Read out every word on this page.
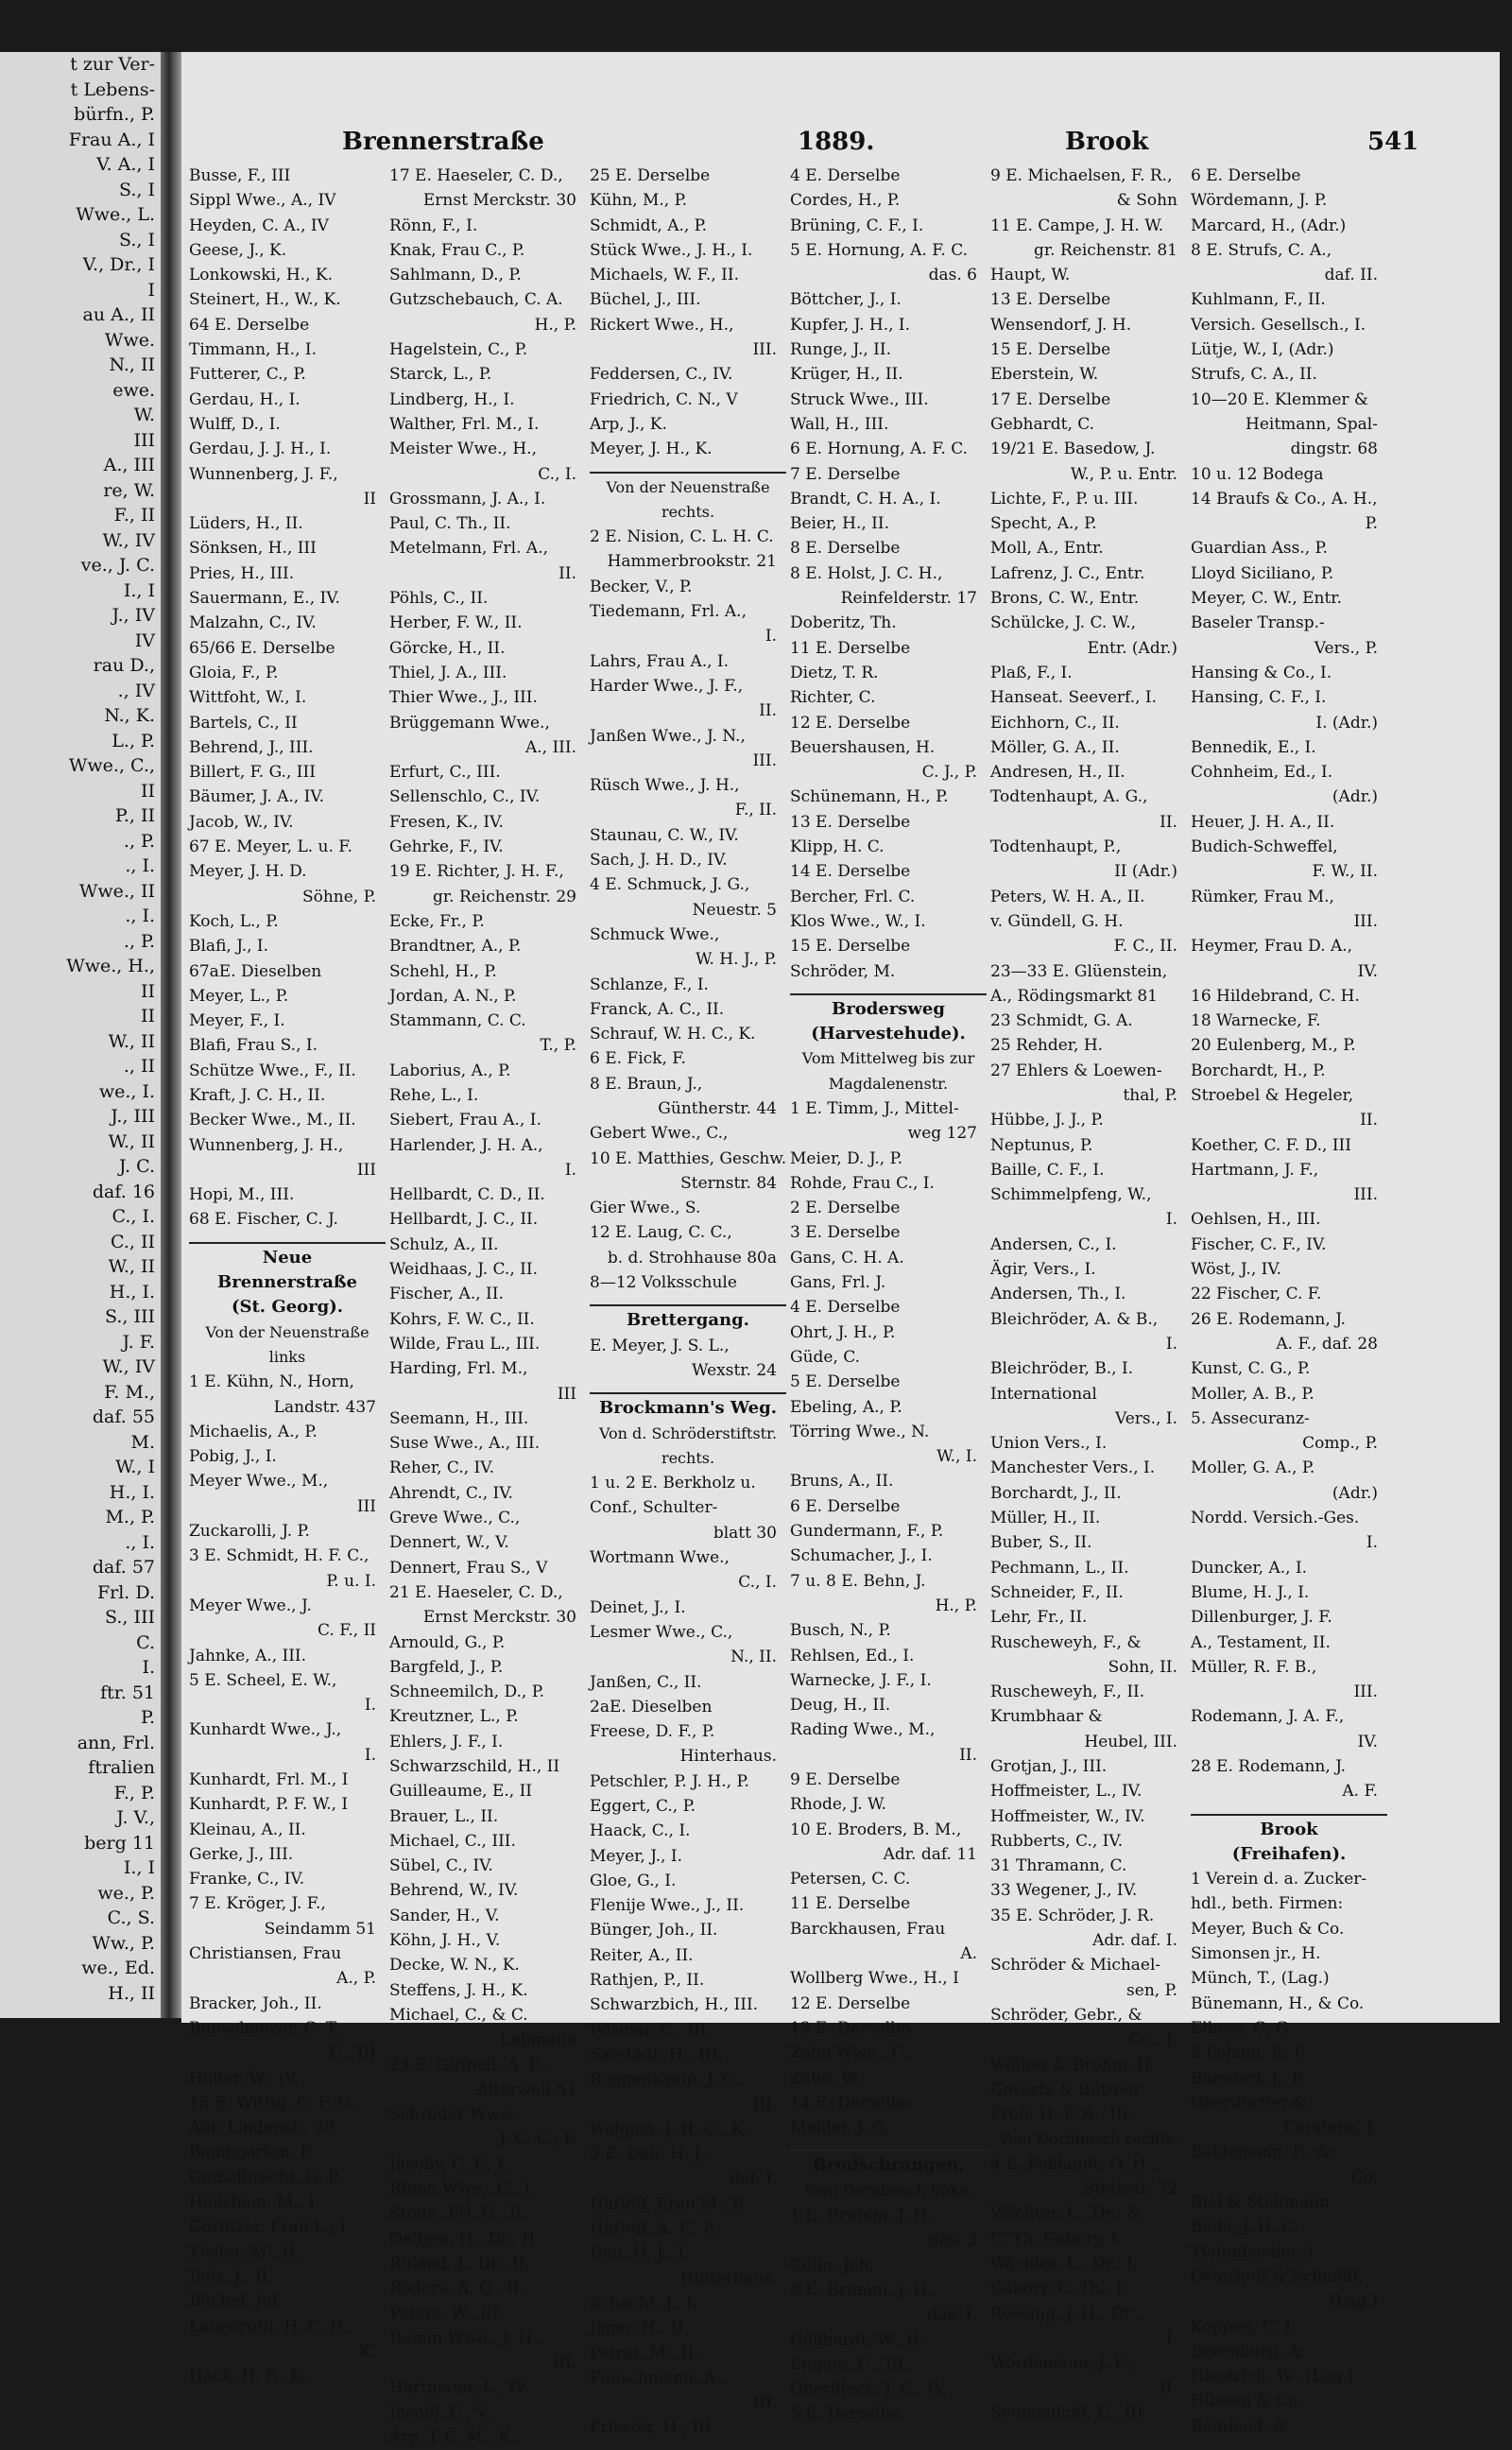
t zur Ver-
t Lebens-
bürfn., P.
Frau A., I
V. A., I
S., I
Wwe., L.
S., I
V., Dr., I
I
au A., II
Wwe.
N., II
ewe.
W.
III
A., III
re, W.
F., II
W., IV
ve., J. C.
I., I
J., IV
IV
rau D.,
., IV
N., K.
L., P.
Wwe., C.,
II
P., II
., P.
., I.
Wwe., II
., I.
., P.
Wwe., H.,
II
II
W., II
., II
we., I.
J., III
W., II
J. C.
daf. 16
C., I.
C., II
W., II
H., I.
S., III
J. F.
W., IV
F. M.,
daf. 55
M.
W., I
H., I.
M., P.
., I.
daf. 57
Frl. D.
S., III
C.
I.
ftr. 51
P.
ann, Frl.
ftralien
F., P.
J. V.,
berg 11
I., I
we., P.
C., S.
Ww., P.
we., Ed.
H., II
Brennerstraße	1889.	Brook	541
Busse, F., III
Sippl Wwe., A., IV
Heyden, C. A., IV
Geese, J., K.
Lonkowski, H., K.
Steinert, H., W., K.
64 E. Derselbe
Timmann, H., I.
Futterer, C., P.
Gerdau, H., I.
Wulff, D., I.
Gerdau, J. J. H., I.
Wunnenberg, J. F.,
II
Lüders, H., II.
Sönksen, H., III
Pries, H., III.
Sauermann, E., IV.
Malzahn, C., IV.
65/66 E. Derselbe
Gloia, F., P.
Wittfoht, W., I.
Bartels, C., II
Behrend, J., III.
Billert, F. G., III
Bäumer, J. A., IV.
Jacob, W., IV.
67 E. Meyer, L. u. F.
Meyer, J. H. D.
Söhne, P.
Koch, L., P.
Blafi, J., I.
67aE. Dieselben
Meyer, L., P.
Meyer, F., I.
Blafi, Frau S., I.
Schütze Wwe., F., II.
Kraft, J. C. H., II.
Becker Wwe., M., II.
Wunnenberg, J. H.,
III
Hopi, M., III.
68 E. Fischer, C. J.
Neue
Brennerstraße
(St. Georg).
Von der Neuenstraße
links
1 E. Kühn, N., Horn,
Landstr. 437
Michaelis, A., P.
Pobig, J., I.
Meyer Wwe., M.,
III
Zuckarolli, J. P.
3 E. Schmidt, H. F. C.,
P. u. I.
Meyer Wwe., J.
C. F., II
Jahnke, A., III.
5 E. Scheel, E. W.,
I.
Kunhardt Wwe., J.,
I.
Kunhardt, Frl. M., I
Kunhardt, P. F. W., I
Kleinau, A., II.
Gerke, J., III.
Franke, C., IV.
7 E. Kröger, J. F.,
Seindamm 51
Christiansen, Frau
A., P.
Bracker, Joh., II.
Bunselmeyer, C. T.
C., III
Helfer, W., IV.
15 E. Wittig, C. F. G.
Adr. Lindenstr. 20
Baumgarten, F.
Geißelbrecht, G. P.
Haushom, M., I
Görlitzer, Frau L., I.
Köster, M., II.
Bolz, J., II.
Büchel, Jul.
Lauenroth, H. C. D.,
K.
Hack, H. F., K.
17 E. Haeseler, C. D.,
Ernst Merckstr. 30
Rönn, F., I.
Knak, Frau C., P.
Sahlmann, D., P.
Gutzschebauch, C. A.
H., P.
Hagelstein, C., P.
Starck, L., P.
Lindberg, H., I.
Walther, Frl. M., I.
Meister Wwe., H.,
C., I.
Grossmann, J. A., I.
Paul, C. Th., II.
Metelmann, Frl. A.,
II.
Pöhls, C., II.
Herber, F. W., II.
Görcke, H., II.
Thiel, J. A., III.
Thier Wwe., J., III.
Brüggemann Wwe.,
A., III.
Erfurt, C., III.
Sellenschlo, C., IV.
Fresen, K., IV.
Gehrke, F., IV.
19 E. Richter, J. H. F.,
gr. Reichenstr. 29
Ecke, Fr., P.
Brandtner, A., P.
Schehl, H., P.
Jordan, A. N., P.
Stammann, C. C.
T., P.
Laborius, A., P.
Rehe, L., I.
Siebert, Frau A., I.
Harlender, J. H. A.,
I.
Hellbardt, C. D., II.
Hellbardt, J. C., II.
Schulz, A., II.
Weidhaas, J. C., II.
Fischer, A., II.
Kohrs, F. W. C., II.
Wilde, Frau L., III.
Harding, Frl. M.,
III
Seemann, H., III.
Suse Wwe., A., III.
Reher, C., IV.
Ahrendt, C., IV.
Greve Wwe., C.,
Dennert, W., V.
Dennert, Frau S., V
21 E. Haeseler, C. D.,
Ernst Merckstr. 30
Arnould, G., P.
Bargfeld, J., P.
Schneemilch, D., P.
Kreutzner, L., P.
Ehlers, J. F., I.
Schwarzschild, H., II
Guilleaume, E., II
Brauer, L., II.
Michael, C., III.
Sübel, C., IV.
Behrend, W., IV.
Sander, H., V.
Köhn, J. H., V.
Decke, W. N., K.
Steffens, J. H., K.
Michael, C., & C.
Lehmann
23 E. Gutheil, A. F.,
Alterwall 51
Schröder Wwe.,
J. C. C., P.
Jacoby, C. F., I.
Rinne Wwe., C., I.
Stolte, Frl. C., II.
Oeltjen, H., Dr., II.
Ruland, J., Dr., II.
Röders, A. G., II.
Peters, W., III.
Demin Wwe., J. H.,
III.
Hartmann, L., IV.
Jacobi, C., V.
Arp, J. C. M., K.
25 E. Derselbe
Kühn, M., P.
Schmidt, A., P.
Stück Wwe., J. H., I.
Michaels, W. F., II.
Büchel, J., III.
Rickert Wwe., H.,
III.
Feddersen, C., IV.
Friedrich, C. N., V
Arp, J., K.
Meyer, J. H., K.
Von der Neuenstraße
rechts.
2 E. Nision, C. L. H. C.
Hammerbrookstr. 21
Becker, V., P.
Tiedemann, Frl. A.,
I.
Lahrs, Frau A., I.
Harder Wwe., J. F.,
II.
Janßen Wwe., J. N.,
III.
Rüsch Wwe., J. H.,
F., II.
Staunau, C. W., IV.
Sach, J. H. D., IV.
4 E. Schmuck, J. G.,
Neuestr. 5
Schmuck Wwe.,
W. H. J., P.
Schlanze, F., I.
Franck, A. C., II.
Schrauf, W. H. C., K.
6 E. Fick, F.
8 E. Braun, J.,
Güntherstr. 44
Gebert Wwe., C.,
10 E. Matthies, Geschw.
Sternstr. 84
Gier Wwe., S.
12 E. Laug, C. C.,
b. d. Strohhause 80a
8—12 Volksschule
Brettergang.
E. Meyer, J. S. L.,
Wexstr. 24
Brockmann's Weg.
Von d. Schröderstiftstr.
rechts.
1 u. 2 E. Berkholz u.
Conf., Schulter-
blatt 30
Wortmann Wwe.,
C., I.
Deinet, J., I.
Lesmer Wwe., C.,
N., II.
Janßen, C., II.
2aE. Dieselben
Freese, D. F., P.
Hinterhaus.
Petschler, P. J. H., P.
Eggert, C., P.
Haack, C., I.
Meyer, J., I.
Gloe, G., I.
Flenije Wwe., J., II.
Bünger, Joh., II.
Reiter, A., II.
Rathjen, P., II.
Schwarzbich, H., III.
Wismar, C., III.
Sarstädt, H., III.
Roggenkamp, J. C.,
III.
Wolgast, J. H. C., K.
3 E. Dau, H. J.,
daf. I.
Harloff, Frau M., P.
Harloff, A. F., P.
Dau, H. J., I.
Hinterhaus.
Schacht, J., I.
Jäger, H., II.
Petrat, M., II.
Fleischmann, A.,
III.
Priester, H., III
4 E. Derselbe
Cordes, H., P.
Brüning, C. F., I.
5 E. Hornung, A. F. C.
das. 6
Böttcher, J., I.
Kupfer, J. H., I.
Runge, J., II.
Krüger, H., II.
Struck Wwe., III.
Wall, H., III.
6 E. Hornung, A. F. C.
7 E. Derselbe
Brandt, C. H. A., I.
Beier, H., II.
8 E. Derselbe
8 E. Holst, J. C. H.,
Reinfelderstr. 17
Doberitz, Th.
11 E. Derselbe
Dietz, T. R.
Richter, C.
12 E. Derselbe
Beuershausen, H.
C. J., P.
Schünemann, H., P.
13 E. Derselbe
Klipp, H. C.
14 E. Derselbe
Bercher, Frl. C.
Klos Wwe., W., I.
15 E. Derselbe
Schröder, M.
Brodersweg
(Harvestehude).
Vom Mittelweg bis zur
Magdalenenstr.
1 E. Timm, J., Mittel-
weg 127
Meier, D. J., P.
Rohde, Frau C., I.
2 E. Derselbe
3 E. Derselbe
Gans, C. H. A.
Gans, Frl. J.
4 E. Derselbe
Ohrt, J. H., P.
Güde, C.
5 E. Derselbe
Ebeling, A., P.
Törring Wwe., N.
W., I.
Bruns, A., II.
6 E. Derselbe
Gundermann, F., P.
Schumacher, J., I.
7 u. 8 E. Behn, J.
H., P.
Busch, N., P.
Rehlsen, Ed., I.
Warnecke, J. F., I.
Deug, H., II.
Rading Wwe., M.,
II.
9 E. Derselbe
Rhode, J. W.
10 E. Broders, B. M.,
Adr. daf. 11
Petersen, C. C.
11 E. Derselbe
Barckhausen, Frau
A.
Wollberg Wwe., H., I
12 E. Derselbe
13 E. Derselbe
Zahn Wwe., C.
Zahn, W.
14 E. Derselbe
Mehler, J. G.
Brodschrangen.
Vom Dornbusch links.
1 E. Brumm, J. H.
das. 3
Cölln, Joh.
3 E. Brumm, J. H.,
das. I.
Gollhardt, W., II.
Engers, C., III.
Oberdieck, J. C., IV.
5 E. Derselbe
9 E. Michaelsen, F. R.,
& Sohn
11 E. Campe, J. H. W.
gr. Reichenstr. 81
Haupt, W.
13 E. Derselbe
Wensendorf, J. H.
15 E. Derselbe
Eberstein, W.
17 E. Derselbe
Gebhardt, C.
19/21 E. Basedow, J.
W., P. u. Entr.
Lichte, F., P. u. III.
Specht, A., P.
Moll, A., Entr.
Lafrenz, J. C., Entr.
Brons, C. W., Entr.
Schülcke, J. C. W.,
Entr. (Adr.)
Plaß, F., I.
Hanseat. Seeverf., I.
Eichhorn, C., II.
Möller, G. A., II.
Andresen, H., II.
Todtenhaupt, A. G.,
II.
Todtenhaupt, P.,
II (Adr.)
Peters, W. H. A., II.
v. Gündell, G. H.
F. C., II.
23—33 E. Glüenstein,
A., Rödingsmarkt 81
23 Schmidt, G. A.
25 Rehder, H.
27 Ehlers & Loewen-
thal, P.
Hübbe, J. J., P.
Neptunus, P.
Baille, C. F., I.
Schimmelpfeng, W.,
I.
Andersen, C., I.
Ägir, Vers., I.
Andersen, Th., I.
Bleichröder, A. & B.,
I.
Bleichröder, B., I.
International
Vers., I.
Union Vers., I.
Manchester Vers., I.
Borchardt, J., II.
Müller, H., II.
Buber, S., II.
Pechmann, L., II.
Schneider, F., II.
Lehr, Fr., II.
Ruscheweyh, F., &
Sohn, II.
Ruscheweyh, F., II.
Krumbhaar &
Heubel, III.
Grotjan, J., III.
Hoffmeister, L., IV.
Hoffmeister, W., IV.
Rubberts, C., IV.
31 Thramann, C.
33 Wegener, J., IV.
35 E. Schröder, J. R.
Adr. daf. I.
Schröder & Michael-
sen, P.
Schröder, Gebr., &
Co., I.
Wölber & Brohm, II.
Goverts & Büttner
Froh, H. F. A., III.
Vom Dornbusch rechts.
4 E. Fehlandt, O. H.,
Steinstr. 72
Wächter, L., Dr., &
C. Th. Gabory, I.
Wächter, L., Dr., I.
Gabory, C. Th., I.
Roesing, J. H., Dr.,
I.
Wördemann, J. P.,
II.
Seumenicht, C., III
6 E. Derselbe
Wördemann, J. P.
Marcard, H., (Adr.)
8 E. Strufs, C. A.,
daf. II.
Kuhlmann, F., II.
Versich. Gesellsch., I.
Lütje, W., I, (Adr.)
Strufs, C. A., II.
10—20 E. Klemmer &
Heitmann, Spal-
dingstr. 68
10 u. 12 Bodega
14 Braufs & Co., A. H.,
P.
Guardian Ass., P.
Lloyd Siciliano, P.
Meyer, C. W., Entr.
Baseler Transp.-
Vers., P.
Hansing & Co., I.
Hansing, C. F., I.
I. (Adr.)
Bennedik, E., I.
Cohnheim, Ed., I.
(Adr.)
Heuer, J. H. A., II.
Budich-Schweffel,
F. W., II.
Rümker, Frau M.,
III.
Heymer, Frau D. A.,
IV.
16 Hildebrand, C. H.
18 Warnecke, F.
20 Eulenberg, M., P.
Borchardt, H., P.
Stroebel & Hegeler,
II.
Koether, C. F. D., III
Hartmann, J. F.,
III.
Oehlsen, H., III.
Fischer, C. F., IV.
Wöst, J., IV.
22 Fischer, C. F.
26 E. Rodemann, J.
A. F., daf. 28
Kunst, C. G., P.
Moller, A. B., P.
5. Assecuranz-
Comp., P.
Moller, G. A., P.
(Adr.)
Nordd. Versich.-Ges.
I.
Duncker, A., I.
Blume, H. J., I.
Dillenburger, J. F.
A., Testament, II.
Müller, R. F. B.,
III.
Rodemann, J. A. F.,
IV.
28 E. Rodemann, J.
A. F.
Brook
(Freihafen).
1 Verein d. a. Zucker-
hdl., beth. Firmen:
Meyer, Buch & Co.
Simonsen jr., H.
Münch, T., (Lag.)
Bünemann, H., & Co.
Elbers, C. G.
2 Polano, P., P.
Barsdorf, J., P.
Oberdörffer &
Carstens, I.
Boldemann, F., &
Co.
Biel & Stellmann
Bade, J. H. C.
Tiefenbacher, J.
Osterhoff & Schmidt,
(Lag.)
Koppen, C. J.
Berenburg, A.
Hiestrich, W., (Lag.)
Hüssen & Co.
Reinhold, A.
